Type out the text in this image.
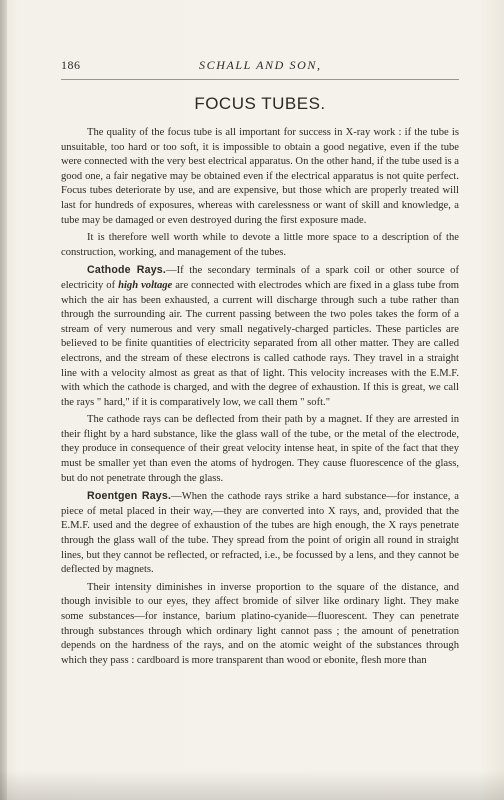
186	SCHALL AND SON,
FOCUS TUBES.

The quality of the focus tube is all important for success in X-ray work : if the tube is unsuitable, too hard or too soft, it is impossible to obtain a good negative, even if the tube were connected with the very best electrical apparatus. On the other hand, if the tube used is a good one, a fair negative may be obtained even if the electrical apparatus is not quite perfect. Focus tubes deteriorate by use, and are expensive, but those which are properly treated will last for hundreds of exposures, whereas with carelessness or want of skill and knowledge, a tube may be damaged or even destroyed during the first exposure made.

It is therefore well worth while to devote a little more space to a description of the construction, working, and management of the tubes.

Cathode Rays.—If the secondary terminals of a spark coil or other source of electricity of high voltage are connected with electrodes which are fixed in a glass tube from which the air has been exhausted, a current will discharge through such a tube rather than through the surrounding air. The current passing between the two poles takes the form of a stream of very numerous and very small negatively-charged particles. These particles are believed to be finite quantities of electricity separated from all other matter. They are called electrons, and the stream of these electrons is called cathode rays. They travel in a straight line with a velocity almost as great as that of light. This velocity increases with the E.M.F. with which the cathode is charged, and with the degree of exhaustion. If this is great, we call the rays " hard," if it is comparatively low, we call them " soft."

The cathode rays can be deflected from their path by a magnet. If they are arrested in their flight by a hard substance, like the glass wall of the tube, or the metal of the electrode, they produce in consequence of their great velocity intense heat, in spite of the fact that they must be smaller yet than even the atoms of hydrogen. They cause fluorescence of the glass, but do not penetrate through the glass.

Roentgen Rays.—When the cathode rays strike a hard substance—for instance, a piece of metal placed in their way,—they are converted into X rays, and, provided that the E.M.F. used and the degree of exhaustion of the tubes are high enough, the X rays penetrate through the glass wall of the tube. They spread from the point of origin all round in straight lines, but they cannot be reflected, or refracted, i.e., be focussed by a lens, and they cannot be deflected by magnets.

Their intensity diminishes in inverse proportion to the square of the distance, and though invisible to our eyes, they affect bromide of silver like ordinary light. They make some substances—for instance, barium platino-cyanide—fluorescent. They can penetrate through substances through which ordinary light cannot pass ; the amount of penetration depends on the hardness of the rays, and on the atomic weight of the substances through which they pass : cardboard is more transparent than wood or ebonite, flesh more than
